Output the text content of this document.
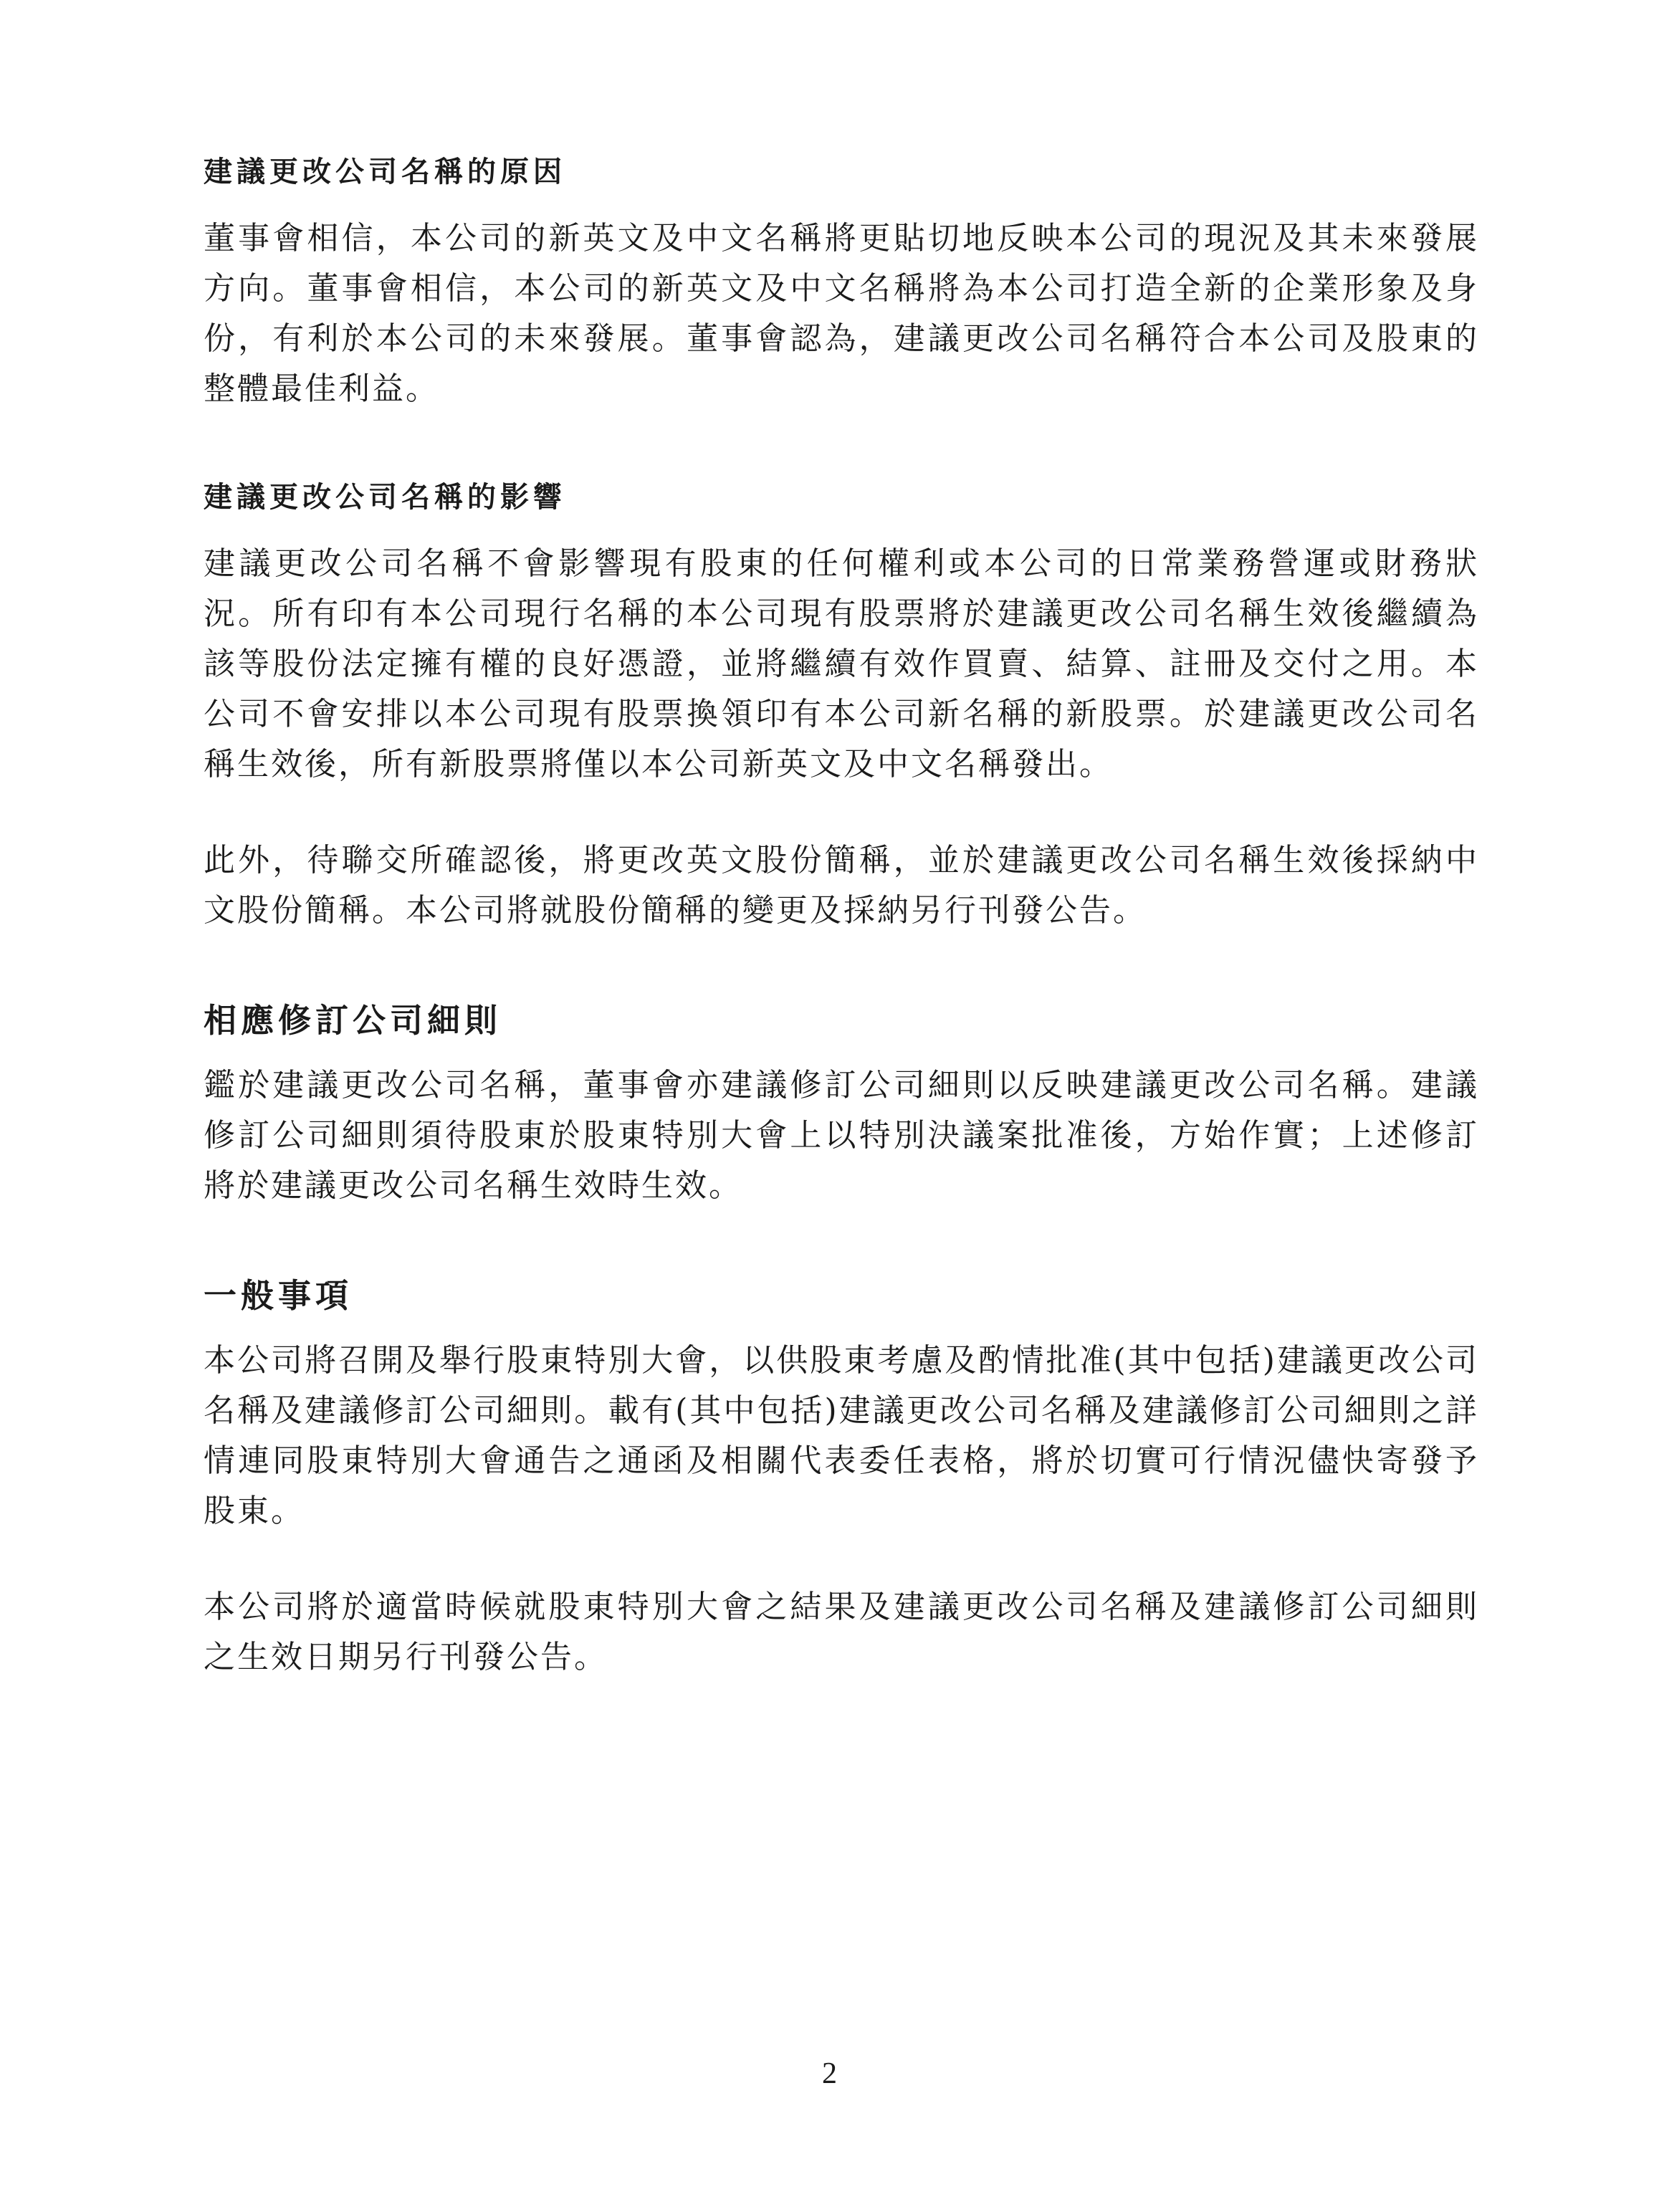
建議更改公司名稱的原因

董事會相信，本公司的新英文及中文名稱將更貼切地反映本公司的現況及其未來發展方向。董事會相信，本公司的新英文及中文名稱將為本公司打造全新的企業形象及身份，有利於本公司的未來發展。董事會認為，建議更改公司名稱符合本公司及股東的整體最佳利益。

建議更改公司名稱的影響

建議更改公司名稱不會影響現有股東的任何權利或本公司的日常業務營運或財務狀況。所有印有本公司現行名稱的本公司現有股票將於建議更改公司名稱生效後繼續為該等股份法定擁有權的良好憑證，並將繼續有效作買賣、結算、註冊及交付之用。本公司不會安排以本公司現有股票換領印有本公司新名稱的新股票。於建議更改公司名稱生效後，所有新股票將僅以本公司新英文及中文名稱發出。

此外，待聯交所確認後，將更改英文股份簡稱，並於建議更改公司名稱生效後採納中文股份簡稱。本公司將就股份簡稱的變更及採納另行刊發公告。

相應修訂公司細則

鑑於建議更改公司名稱，董事會亦建議修訂公司細則以反映建議更改公司名稱。建議修訂公司細則須待股東於股東特別大會上以特別決議案批准後，方始作實；上述修訂將於建議更改公司名稱生效時生效。

一般事項

本公司將召開及舉行股東特別大會，以供股東考慮及酌情批准(其中包括)建議更改公司名稱及建議修訂公司細則。載有(其中包括)建議更改公司名稱及建議修訂公司細則之詳情連同股東特別大會通告之通函及相關代表委任表格，將於切實可行情況儘快寄發予股東。

本公司將於適當時候就股東特別大會之結果及建議更改公司名稱及建議修訂公司細則之生效日期另行刊發公告。

2
